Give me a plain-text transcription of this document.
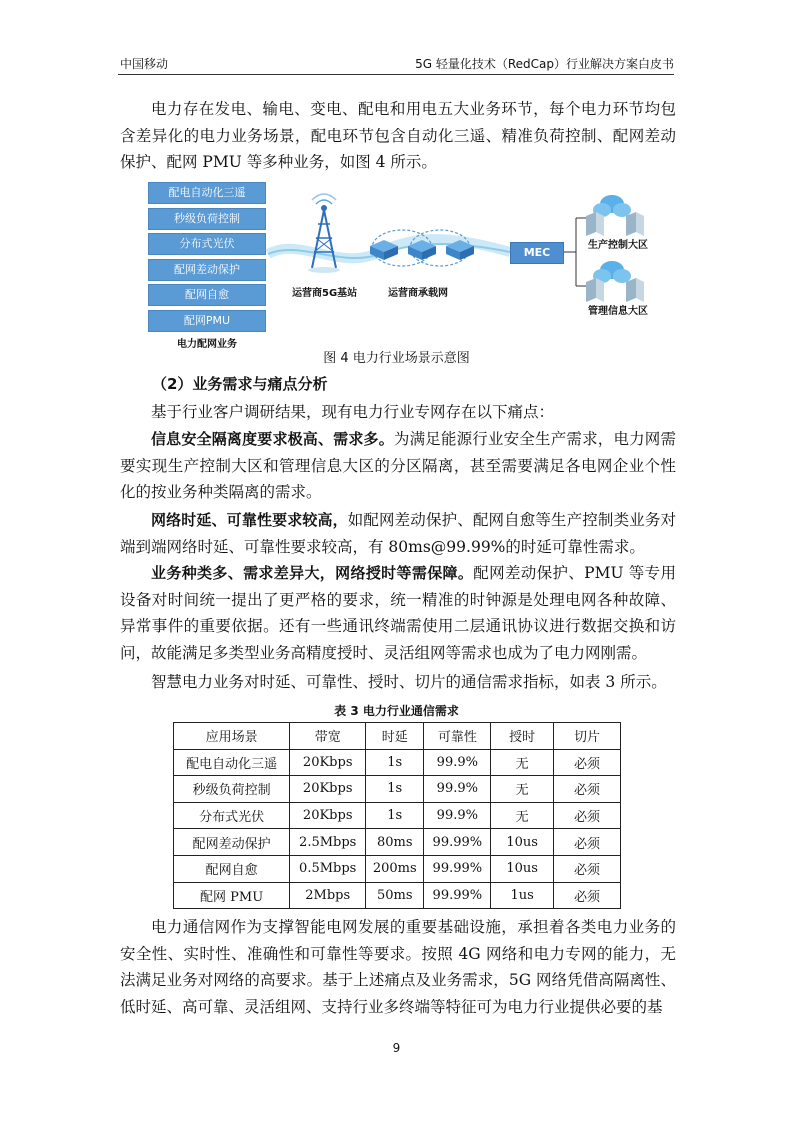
中国移动	5G 轻量化技术（RedCap）行业解决方案白皮书
电力存在发电、输电、变电、配电和用电五大业务环节，每个电力环节均包含差异化的电力业务场景，配电环节包含自动化三遥、精准负荷控制、配网差动保护、配网 PMU 等多种业务，如图 4 所示。
配电自动化三遥
秒级负荷控制
分布式光伏
配网差动保护
配网自愈
配网PMU
电力配网业务
MEC
运营商5G基站	运营商承载网
生产控制大区
管理信息大区
图 4 电力行业场景示意图
（2）业务需求与痛点分析
基于行业客户调研结果，现有电力行业专网存在以下痛点：
信息安全隔离度要求极高、需求多。为满足能源行业安全生产需求，电力网需要实现生产控制大区和管理信息大区的分区隔离，甚至需要满足各电网企业个性化的按业务种类隔离的需求。
网络时延、可靠性要求较高，如配网差动保护、配网自愈等生产控制类业务对端到端网络时延、可靠性要求较高，有 80ms@99.99%的时延可靠性需求。
业务种类多、需求差异大，网络授时等需保障。配网差动保护、PMU 等专用设备对时间统一提出了更严格的要求，统一精准的时钟源是处理电网各种故障、异常事件的重要依据。还有一些通讯终端需使用二层通讯协议进行数据交换和访问，故能满足多类型业务高精度授时、灵活组网等需求也成为了电力网刚需。
智慧电力业务对时延、可靠性、授时、切片的通信需求指标，如表 3 所示。
表 3 电力行业通信需求
应用场景	带宽	时延	可靠性	授时	切片
配电自动化三遥	20Kbps	1s	99.9%	无	必须
秒级负荷控制	20Kbps	1s	99.9%	无	必须
分布式光伏	20Kbps	1s	99.9%	无	必须
配网差动保护	2.5Mbps	80ms	99.99%	10us	必须
配网自愈	0.5Mbps	200ms	99.99%	10us	必须
配网 PMU	2Mbps	50ms	99.99%	1us	必须
电力通信网作为支撑智能电网发展的重要基础设施，承担着各类电力业务的安全性、实时性、准确性和可靠性等要求。按照 4G 网络和电力专网的能力，无法满足业务对网络的高要求。基于上述痛点及业务需求，5G 网络凭借高隔离性、低时延、高可靠、灵活组网、支持行业多终端等特征可为电力行业提供必要的基
9
